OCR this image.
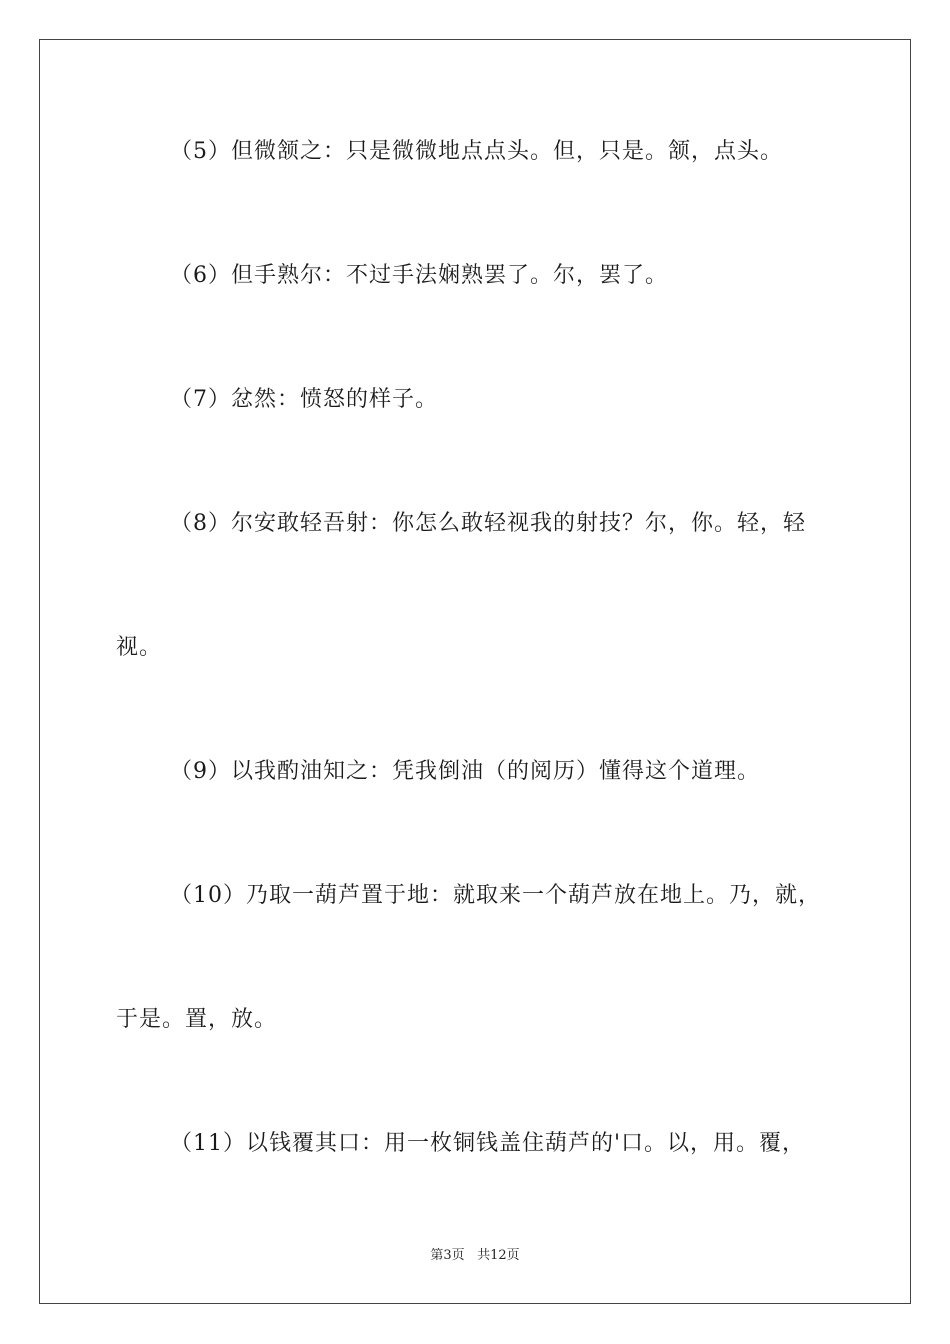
（5）但微颔之：只是微微地点点头。但，只是。颔，点头。
（6）但手熟尔：不过手法娴熟罢了。尔，罢了。
（7）忿然：愤怒的样子。
（8）尔安敢轻吾射：你怎么敢轻视我的射技？尔，你。轻，轻
视。
（9）以我酌油知之：凭我倒油（的阅历）懂得这个道理。
（10）乃取一葫芦置于地：就取来一个葫芦放在地上。乃，就，
于是。置，放。
（11）以钱覆其口：用一枚铜钱盖住葫芦的'口。以，用。覆，
第3页 共12页
